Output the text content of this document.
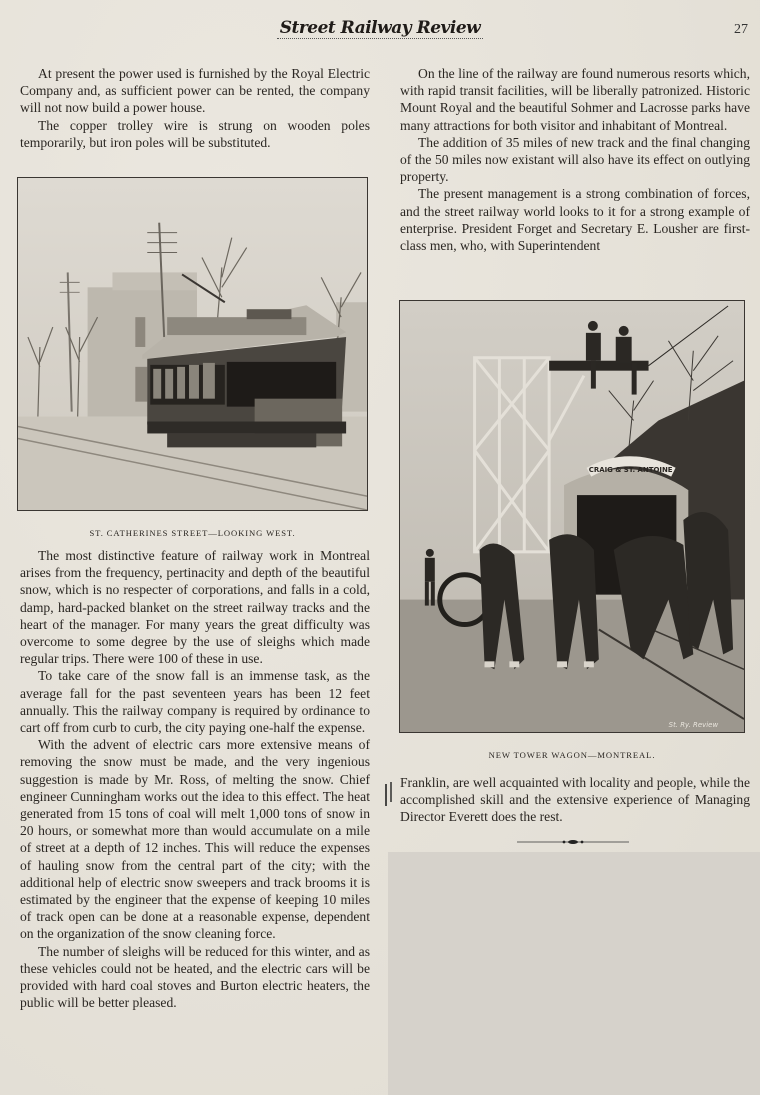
Street Railway Review	27

At present the power used is furnished by the Royal Electric Company and, as sufficient power can be rented, the company will not now build a power house.

The copper trolley wire is strung on wooden poles temporarily, but iron poles will be substituted.

ST. CATHERINES STREET—LOOKING WEST.

The most distinctive feature of railway work in Montreal arises from the frequency, pertinacity and depth of the beautiful snow, which is no respecter of corporations, and falls in a cold, damp, hard-packed blanket on the street railway tracks and the heart of the manager. For many years the great difficulty was overcome to some degree by the use of sleighs which made regular trips. There were 100 of these in use.

To take care of the snow fall is an immense task, as the average fall for the past seventeen years has been 12 feet annually. This the railway company is required by ordinance to cart off from curb to curb, the city paying one-half the expense.

With the advent of electric cars more extensive means of removing the snow must be made, and the very ingenious suggestion is made by Mr. Ross, of melting the snow. Chief engineer Cunningham works out the idea to this effect. The heat generated from 15 tons of coal will melt 1,000 tons of snow in 20 hours, or somewhat more than would accumulate on a mile of street at a depth of 12 inches. This will reduce the expenses of hauling snow from the central part of the city; with the additional help of electric snow sweepers and track brooms it is estimated by the engineer that the expense of keeping 10 miles of track open can be done at a reasonable expense, dependent on the organization of the snow cleaning force.

The number of sleighs will be reduced for this winter, and as these vehicles could not be heated, and the electric cars will be provided with hard coal stoves and Burton electric heaters, the public will be better pleased.

On the line of the railway are found numerous resorts which, with rapid transit facilities, will be liberally patronized. Historic Mount Royal and the beautiful Sohmer and Lacrosse parks have many attractions for both visitor and inhabitant of Montreal.

The addition of 35 miles of new track and the final changing of the 50 miles now existant will also have its effect on outlying property.

The present management is a strong combination of forces, and the street railway world looks to it for a strong example of enterprise. President Forget and Secretary E. Lousher are first-class men, who, with Superintendent

CRAIG & ST. ANTOINE
St. Ry. Review
NEW TOWER WAGON—MONTREAL.

Franklin, are well acquainted with locality and people, while the accomplished skill and the extensive experience of Managing Director Everett does the rest.
